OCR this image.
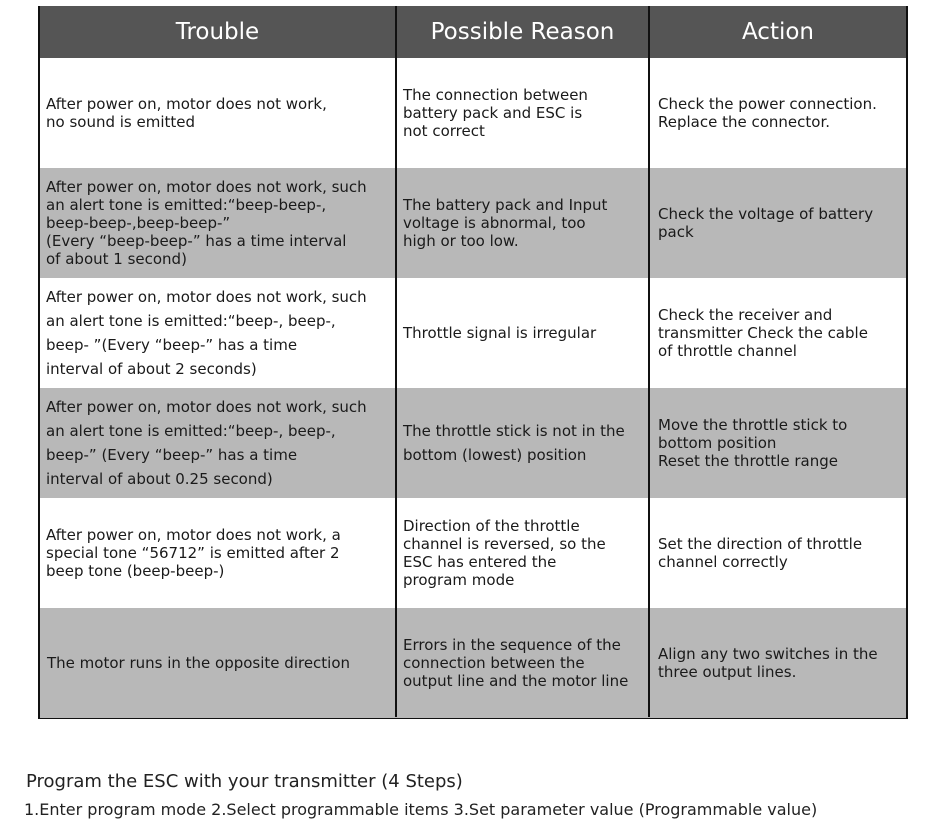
Trouble	Possible Reason	Action
After power on, motor does not work,
no sound is emitted
The connection between
battery pack and ESC is
not correct
Check the power connection.
Replace the connector.
After power on, motor does not work, such
an alert tone is emitted:“beep-beep-,
beep-beep-,beep-beep-”
(Every “beep-beep-” has a time interval
of about 1 second)
The battery pack and Input
voltage is abnormal, too
high or too low.
Check the voltage of battery
pack
After power on, motor does not work, such
an alert tone is emitted:“beep-, beep-,
beep- ”(Every “beep-” has a time
interval of about 2 seconds)
Throttle signal is irregular
Check the receiver and
transmitter Check the cable
of throttle channel
After power on, motor does not work, such
an alert tone is emitted:“beep-, beep-,
beep-” (Every “beep-” has a time
interval of about 0.25 second)
The throttle stick is not in the
bottom (lowest) position
Move the throttle stick to
bottom position
Reset the throttle range
After power on, motor does not work, a
special tone “56712” is emitted after 2
beep tone (beep-beep-)
Direction of the throttle
channel is reversed, so the
ESC has entered the
program mode
Set the direction of throttle
channel correctly
The motor runs in the opposite direction
Errors in the sequence of the
connection between the
output line and the motor line
Align any two switches in the
three output lines.
Program the ESC with your transmitter (4 Steps)
1.Enter program mode 2.Select programmable items 3.Set parameter value (Programmable value)
